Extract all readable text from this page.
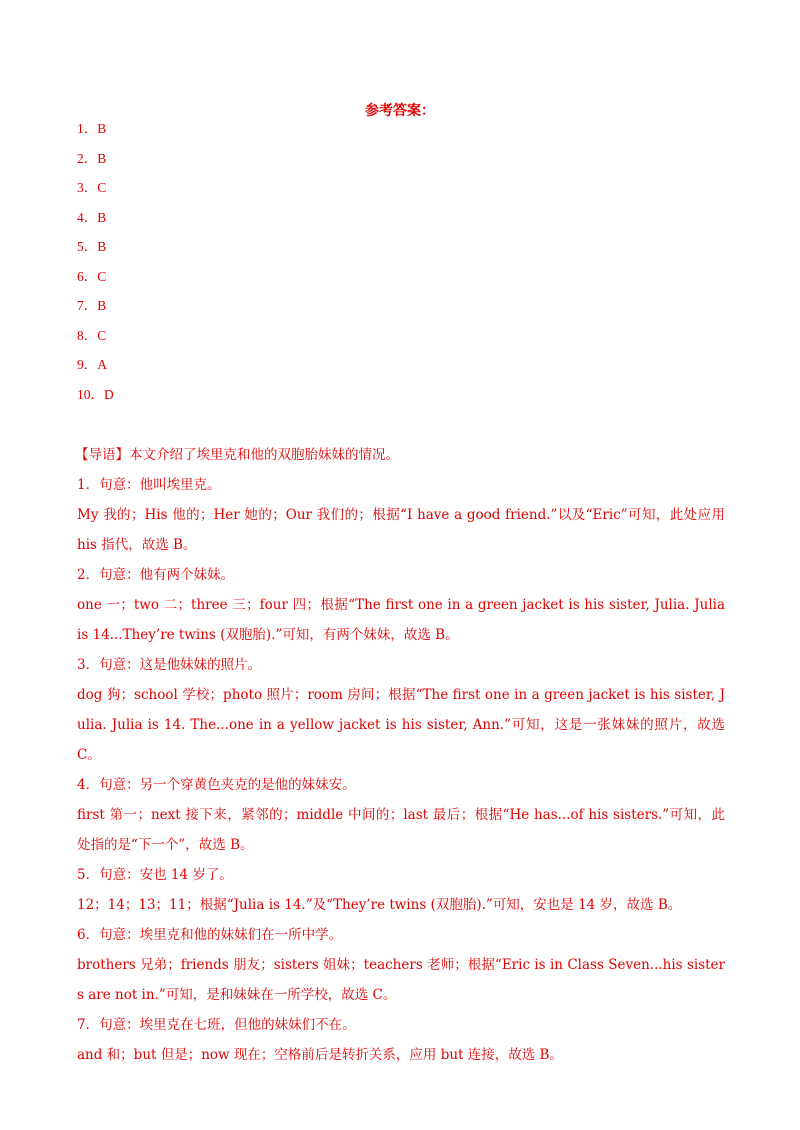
参考答案：
1．B
2．B
3．C
4．B
5．B
6．C
7．B
8．C
9．A
10．D

【导语】本文介绍了埃里克和他的双胞胎妹妹的情况。

1．句意：他叫埃里克。

My 我的；His 他的；Her 她的；Our 我们的；根据“I have a good friend.”以及“Eric”可知，此处应用 his 指代，故选 B。

2．句意：他有两个妹妹。

one 一；two 二；three 三；four 四；根据“The first one in a green jacket is his sister, Julia. Julia is 14...They’re twins (双胞胎).”可知，有两个妹妹，故选 B。

3．句意：这是他妹妹的照片。

dog 狗；school 学校；photo 照片；room 房间；根据“The first one in a green jacket is his sister, Julia. Julia is 14. The...one in a yellow jacket is his sister, Ann.”可知，这是一张妹妹的照片，故选 C。

4．句意：另一个穿黄色夹克的是他的妹妹安。

first 第一；next 接下来，紧邻的；middle 中间的；last 最后；根据“He has...of his sisters.”可知，此处指的是“下一个”，故选 B。

5．句意：安也 14 岁了。

12；14；13；11；根据“Julia is 14.”及“They’re twins (双胞胎).”可知，安也是 14 岁，故选 B。

6．句意：埃里克和他的妹妹们在一所中学。

brothers 兄弟；friends 朋友；sisters 姐妹；teachers 老师；根据“Eric is in Class Seven...his sisters are not in.”可知，是和妹妹在一所学校，故选 C。

7．句意：埃里克在七班，但他的妹妹们不在。

and 和；but 但是；now 现在；空格前后是转折关系，应用 but 连接，故选 B。
